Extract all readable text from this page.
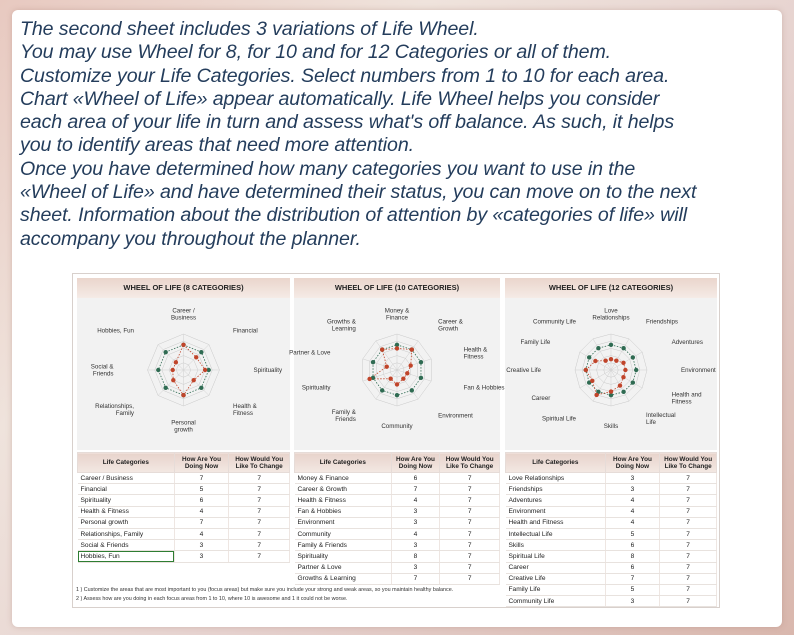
The second sheet includes 3 variations of Life Wheel.

You may use Wheel for 8, for 10 and for 12 Categories or all of them.

Customize your Life Categories. Select numbers from 1 to 10 for each area.

Chart «Wheel of Life» appear automatically. Life Wheel helps you consider

each area of your life in turn and assess what's off balance. As such, it helps

you to identify areas that need more attention.

Once you have determined how many categories you want to use in the

«Wheel of Life» and have determined their status, you can move on to the next

sheet. Information about the distribution of attention by «categories of life» will

accompany you throughout the planner.

WHEEL OF LIFE (8 CATEGORIES)
Career / Business
Financial
Spirituality
Health & Fitness
Personal growth
Relationships, Family
Social & Friends
Hobbies, Fun
Life Categories	How Are You Doing Now	How Would You Like To Change
Career / Business	7	7
Financial	5	7
Spirituality	6	7
Health & Fitness	4	7
Personal growth	7	7
Relationships, Family	4	7
Social & Friends	3	7
Hobbies, Fun	3	7
WHEEL OF LIFE (10 CATEGORIES)
Money & Finance
Career & Growth
Health & Fitness
Fan & Hobbies
Environment
Community
Family & Friends
Spirituality
Partner & Love
Growths & Learning
Life Categories	How Are You Doing Now	How Would You Like To Change
Money & Finance	6	7
Career & Growth	7	7
Health & Fitness	4	7
Fan & Hobbies	3	7
Environment	3	7
Community	4	7
Family & Friends	3	7
Spirituality	8	7
Partner & Love	3	7
Growths & Learning	7	7
WHEEL OF LIFE (12 CATEGORIES)
Love Relationships
Friendships
Adventures
Environment
Health and Fitness
Intellectual Life
Skills
Spiritual Life
Career
Creative Life
Family Life
Community Life
Life Categories	How Are You Doing Now	How Would You Like To Change
Love Relationships	3	7
Friendships	3	7
Adventures	4	7
Environment	4	7
Health and Fitness	4	7
Intellectual Life	5	7
Skills	6	7
Spiritual Life	8	7
Career	6	7
Creative Life	7	7
Family Life	5	7
Community Life	3	7
1 ) Customize the areas that are most important to you (focus areas) but make sure you include your strong and weak areas, so you maintain healthy balance.
2 ) Assess how are you doing in each focus areas from 1 to 10, where 10 is awesome and 1 it could not be worse.
